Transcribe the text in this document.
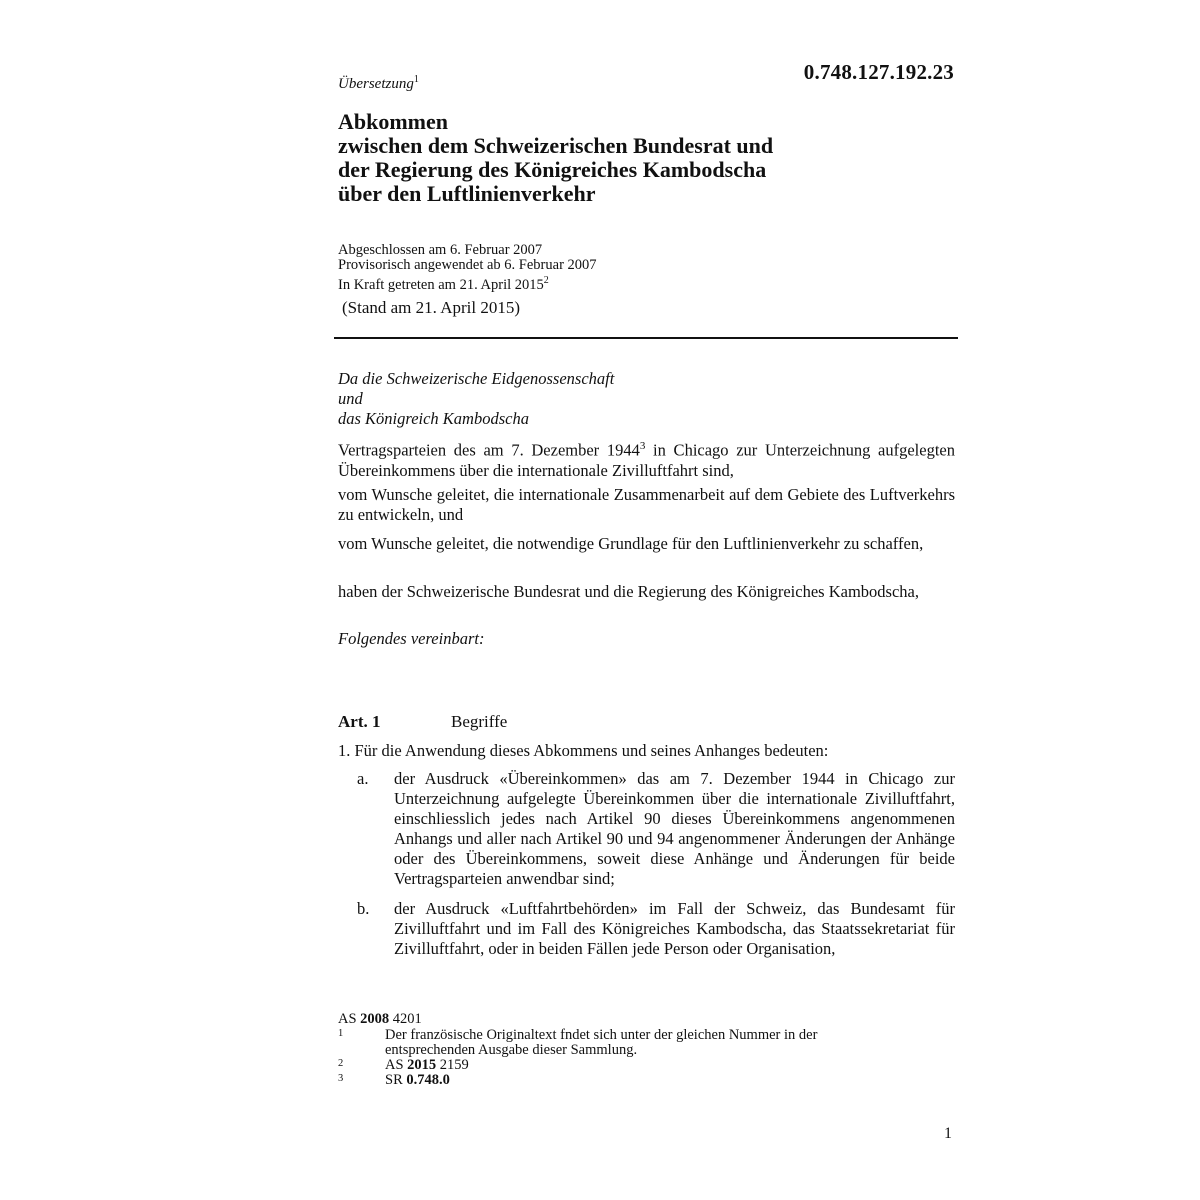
Übersetzung$^1$	0.748.127.192.23
Abkommen
zwischen dem Schweizerischen Bundesrat und
der Regierung des Königreiches Kambodscha
über den Luftlinienverkehr
Abgeschlossen am 6. Februar 2007
Provisorisch angewendet ab 6. Februar 2007
In Kraft getreten am 21. April 2015$^2$
(Stand am 21. April 2015)
Da die Schweizerische Eidgenossenschaft
und
das Königreich Kambodscha
Vertragsparteien des am 7. Dezember 1944$^3$ in Chicago zur Unterzeichnung aufgelegten Übereinkommens über die internationale Zivilluftfahrt sind,
vom Wunsche geleitet, die internationale Zusammenarbeit auf dem Gebiete des Luftverkehrs zu entwickeln, und
vom Wunsche geleitet, die notwendige Grundlage für den Luftlinienverkehr zu schaffen,
haben der Schweizerische Bundesrat und die Regierung des Königreiches Kambodscha,
Folgendes vereinbart:
Art. 1	Begriffe
1. Für die Anwendung dieses Abkommens und seines Anhanges bedeuten:
a. der Ausdruck «Übereinkommen» das am 7. Dezember 1944 in Chicago zur Unterzeichnung aufgelegte Übereinkommen über die internationale Zivilluftfahrt, einschliesslich jedes nach Artikel 90 dieses Übereinkommens angenommenen Anhangs und aller nach Artikel 90 und 94 angenommener Änderungen der Anhänge oder des Übereinkommens, soweit diese Anhänge und Änderungen für beide Vertragsparteien anwendbar sind;
b. der Ausdruck «Luftfahrtbehörden» im Fall der Schweiz, das Bundesamt für Zivilluftfahrt und im Fall des Königreiches Kambodscha, das Staatssekretariat für Zivilluftfahrt, oder in beiden Fällen jede Person oder Organisation,
AS 2008 4201
1	Der französische Originaltext fndet sich unter der gleichen Nummer in der entsprechenden Ausgabe dieser Sammlung.
2	AS 2015 2159
3	SR 0.748.0
1
